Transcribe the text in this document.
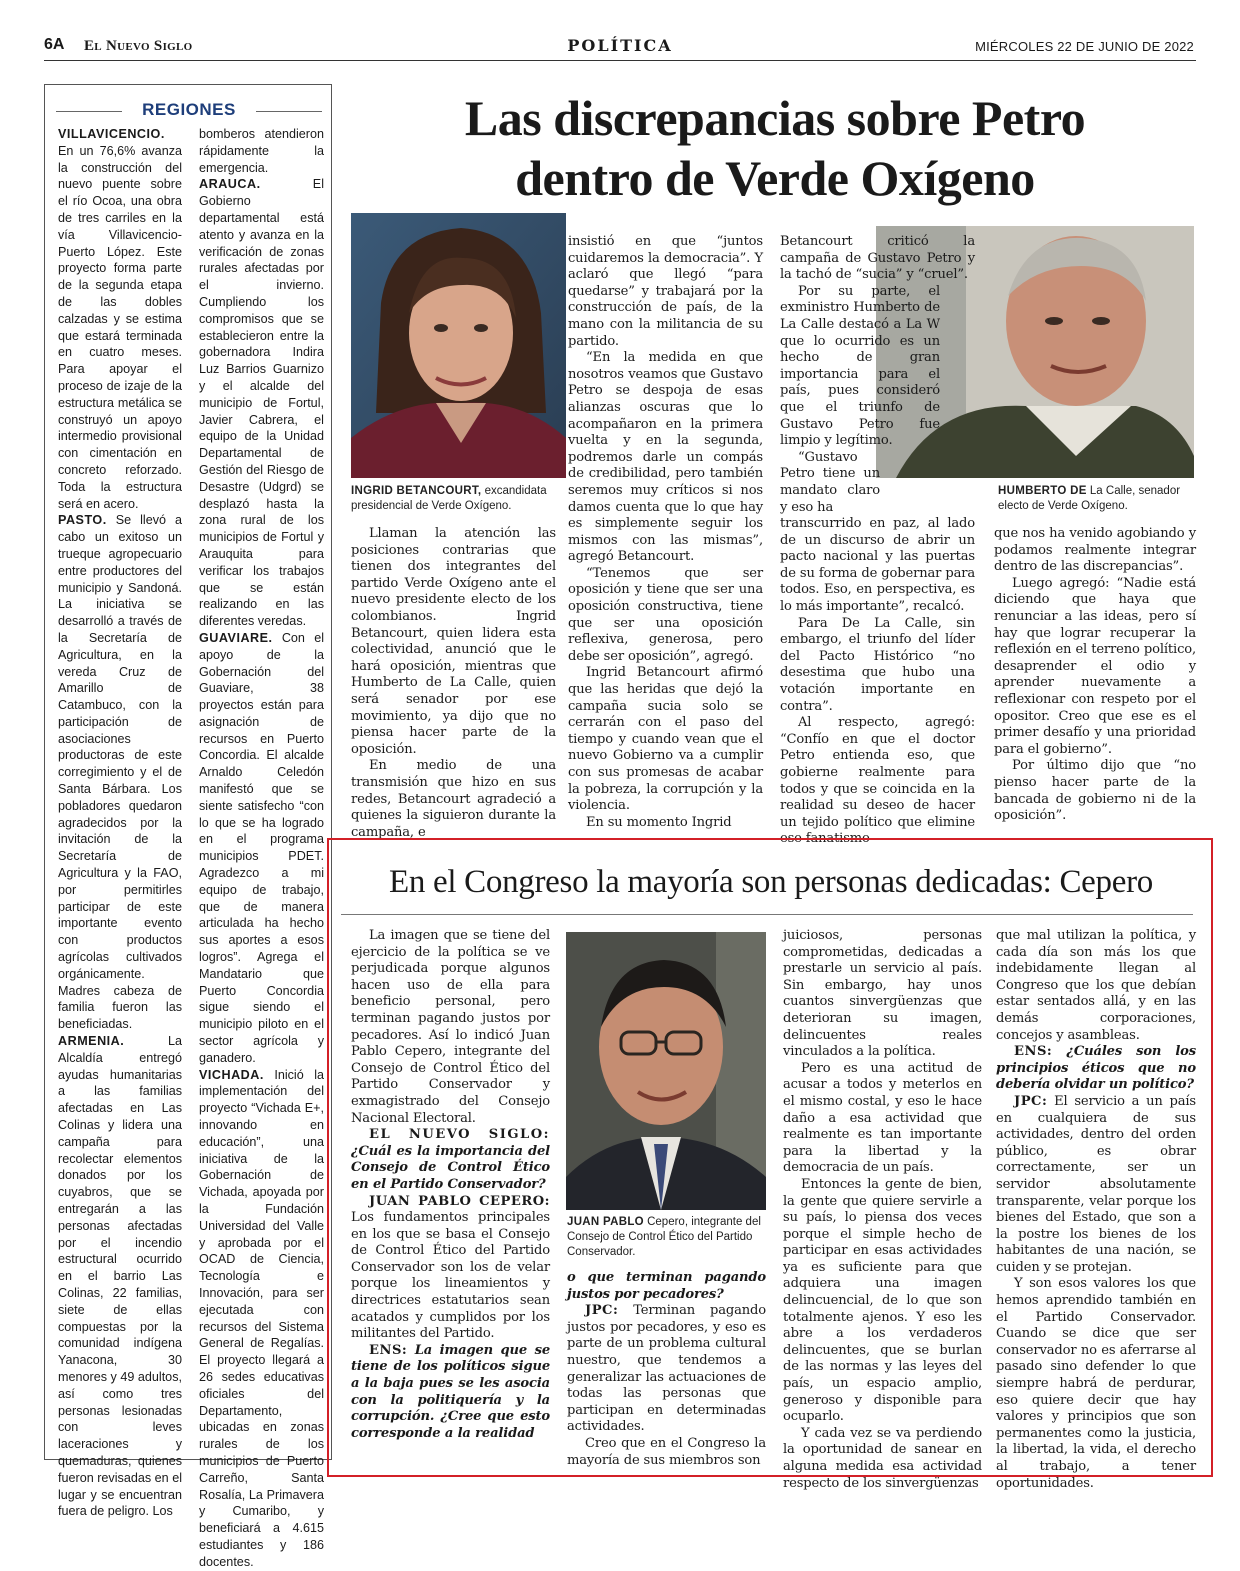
6A El Nuevo Siglo	POLÍTICA	MIÉRCOLES 22 DE JUNIO DE 2022
REGIONES

VILLAVICENCIO. En un 76,6% avanza la construcción del nuevo puente sobre el río Ocoa, una obra de tres carriles en la vía Villavicencio-Puerto López. Este proyecto forma parte de la segunda etapa de las dobles calzadas y se estima que estará terminada en cuatro meses. Para apoyar el proceso de izaje de la estructura metálica se construyó un apoyo intermedio provisional con cimentación en concreto reforzado. Toda la estructura será en acero.

PASTO. Se llevó a cabo un exitoso un trueque agropecuario entre productores del municipio y Sandoná. La iniciativa se desarrolló a través de la Secretaría de Agricultura, en la vereda Cruz de Amarillo de Catambuco, con la participación de asociaciones productoras de este corregimiento y el de Santa Bárbara. Los pobladores quedaron agradecidos por la invitación de la Secretaría de Agricultura y la FAO, por permitirles participar de este importante evento con productos agrícolas cultivados orgánicamente. Madres cabeza de familia fueron las beneficiadas.

ARMENIA. La Alcaldía entregó ayudas humanitarias a las familias afectadas en Las Colinas y lidera una campaña para recolectar elementos donados por los cuyabros, que se entregarán a las personas afectadas por el incendio estructural ocurrido en el barrio Las Colinas, 22 familias, siete de ellas compuestas por la comunidad indígena Yanacona, 30 menores y 49 adultos, así como tres personas lesionadas con leves laceraciones y quemaduras, quienes fueron revisadas en el lugar y se encuentran fuera de peligro. Los

bomberos atendieron rápidamente la emergencia.

ARAUCA. El Gobierno departamental está atento y avanza en la verificación de zonas rurales afectadas por el invierno. Cumpliendo los compromisos que se establecieron entre la gobernadora Indira Luz Barrios Guarnizo y el alcalde del municipio de Fortul, Javier Cabrera, el equipo de la Unidad Departamental de Gestión del Riesgo de Desastre (Udgrd) se desplazó hasta la zona rural de los municipios de Fortul y Arauquita para verificar los trabajos que se están realizando en las diferentes veredas.

GUAVIARE. Con el apoyo de la Gobernación del Guaviare, 38 proyectos están para asignación de recursos en Puerto Concordia. El alcalde Arnaldo Celedón manifestó que se siente satisfecho “con lo que se ha logrado en el programa municipios PDET. Agradezco a mi equipo de trabajo, que de manera articulada ha hecho sus aportes a esos logros”. Agrega el Mandatario que Puerto Concordia sigue siendo el municipio piloto en el sector agrícola y ganadero.

VICHADA. Inició la implementación del proyecto “Vichada E+, innovando en educación”, una iniciativa de la Gobernación de Vichada, apoyada por la Fundación Universidad del Valle y aprobada por el OCAD de Ciencia, Tecnología e Innovación, para ser ejecutada con recursos del Sistema General de Regalías. El proyecto llegará a 26 sedes educativas oficiales del Departamento, ubicadas en zonas rurales de los municipios de Puerto Carreño, Santa Rosalía, La Primavera y Cumaribo, y beneficiará a 4.615 estudiantes y 186 docentes.

Las discrepancias sobre Petro
dentro de Verde Oxígeno
INGRID BETANCOURT, excandidata presidencial de Verde Oxígeno.
HUMBERTO DE La Calle, senador electo de Verde Oxígeno.

Llaman la atención las posiciones contrarias que tienen dos integrantes del partido Verde Oxígeno ante el nuevo presidente electo de los colombianos. Ingrid Betancourt, quien lidera esta colectividad, anunció que le hará oposición, mientras que Humberto de La Calle, quien será senador por ese movimiento, ya dijo que no piensa hacer parte de la oposición.

En medio de una transmisión que hizo en sus redes, Betancourt agradeció a quienes la siguieron durante la campaña, e

insistió en que “juntos cuidaremos la democracia”. Y aclaró que llegó “para quedarse” y trabajará por la construcción de país, de la mano con la militancia de su partido.

“En la medida en que nosotros veamos que Gustavo Petro se despoja de esas alianzas oscuras que lo acompañaron en la primera vuelta y en la segunda, podremos darle un compás de credibilidad, pero también seremos muy críticos si nos damos cuenta que lo que hay es simplemente seguir los mismos con las mismas”, agregó Betancourt.

“Tenemos que ser oposición y tiene que ser una oposición constructiva, tiene que ser una oposición reflexiva, generosa, pero debe ser oposición”, agregó.

Ingrid Betancourt afirmó que las heridas que dejó la campaña sucia solo se cerrarán con el paso del tiempo y cuando vean que el nuevo Gobierno va a cumplir con sus promesas de acabar la pobreza, la corrupción y la violencia.

En su momento Ingrid

Betancourt criticó la campaña de Gustavo Petro y la tachó de “sucia” y “cruel”.

Por su parte, el exministro Humberto de La Calle destacó a La W que lo ocurrido es un hecho de gran importancia para el país, pues consideró que el triunfo de Gustavo Petro fue limpio y legítimo.

“Gustavo Petro tiene un mandato claro y eso ha

transcurrido en paz, al lado de un discurso de abrir un pacto nacional y las puertas de su forma de gobernar para todos. Eso, en perspectiva, es lo más importante”, recalcó.

Para De La Calle, sin embargo, el triunfo del líder del Pacto Histórico “no desestima que hubo una votación importante en contra”.

Al respecto, agregó: “Confío en que el doctor Petro entienda eso, que gobierne realmente para todos y que se coincida en la realidad su deseo de hacer un tejido político que elimine ese fanatismo

que nos ha venido agobiando y podamos realmente integrar dentro de las discrepancias”.

Luego agregó: “Nadie está diciendo que haya que renunciar a las ideas, pero sí hay que lograr recuperar la reflexión en el terreno político, desaprender el odio y aprender nuevamente a reflexionar con respeto por el opositor. Creo que ese es el primer desafío y una prioridad para el gobierno”.

Por último dijo que “no pienso hacer parte de la bancada de gobierno ni de la oposición”.

En el Congreso la mayoría son personas dedicadas: Cepero
JUAN PABLO Cepero, integrante del Consejo de Control Ético del Partido Conservador.

La imagen que se tiene del ejercicio de la política se ve perjudicada porque algunos hacen uso de ella para beneficio personal, pero terminan pagando justos por pecadores. Así lo indicó Juan Pablo Cepero, integrante del Consejo de Control Ético del Partido Conservador y exmagistrado del Consejo Nacional Electoral.

EL NUEVO SIGLO: ¿Cuál es la importancia del Consejo de Control Ético en el Partido Conservador?

JUAN PABLO CEPERO: Los fundamentos principales en los que se basa el Consejo de Control Ético del Partido Conservador son los de velar porque los lineamientos y directrices estatutarios sean acatados y cumplidos por los militantes del Partido.

ENS: La imagen que se tiene de los políticos sigue a la baja pues se les asocia con la politiquería y la corrupción. ¿Cree que esto corresponde a la realidad

o que terminan pagando justos por pecadores?

JPC: Terminan pagando justos por pecadores, y eso es parte de un problema cultural nuestro, que tendemos a generalizar las actuaciones de todas las personas que participan en determinadas actividades.

Creo que en el Congreso la mayoría de sus miembros son

juiciosos, personas comprometidas, dedicadas a prestarle un servicio al país. Sin embargo, hay unos cuantos sinvergüenzas que deterioran su imagen, delincuentes reales vinculados a la política.

Pero es una actitud de acusar a todos y meterlos en el mismo costal, y eso le hace daño a esa actividad que realmente es tan importante para la libertad y la democracia de un país.

Entonces la gente de bien, la gente que quiere servirle a su país, lo piensa dos veces porque el simple hecho de participar en esas actividades ya es suficiente para que adquiera una imagen delincuencial, de lo que son totalmente ajenos. Y eso les abre a los verdaderos delincuentes, que se burlan de las normas y las leyes del país, un espacio amplio, generoso y disponible para ocuparlo.

Y cada vez se va perdiendo la oportunidad de sanear en alguna medida esa actividad respecto de los sinvergüenzas

que mal utilizan la política, y cada día son más los que indebidamente llegan al Congreso que los que debían estar sentados allá, y en las demás corporaciones, concejos y asambleas.

ENS: ¿Cuáles son los principios éticos que no debería olvidar un político?

JPC: El servicio a un país en cualquiera de sus actividades, dentro del orden público, es obrar correctamente, ser un servidor absolutamente transparente, velar porque los bienes del Estado, que son a la postre los bienes de los habitantes de una nación, se cuiden y se protejan.

Y son esos valores los que hemos aprendido también en el Partido Conservador. Cuando se dice que ser conservador no es aferrarse al pasado sino defender lo que siempre habrá de perdurar, eso quiere decir que hay valores y principios que son permanentes como la justicia, la libertad, la vida, el derecho al trabajo, a tener oportunidades.
